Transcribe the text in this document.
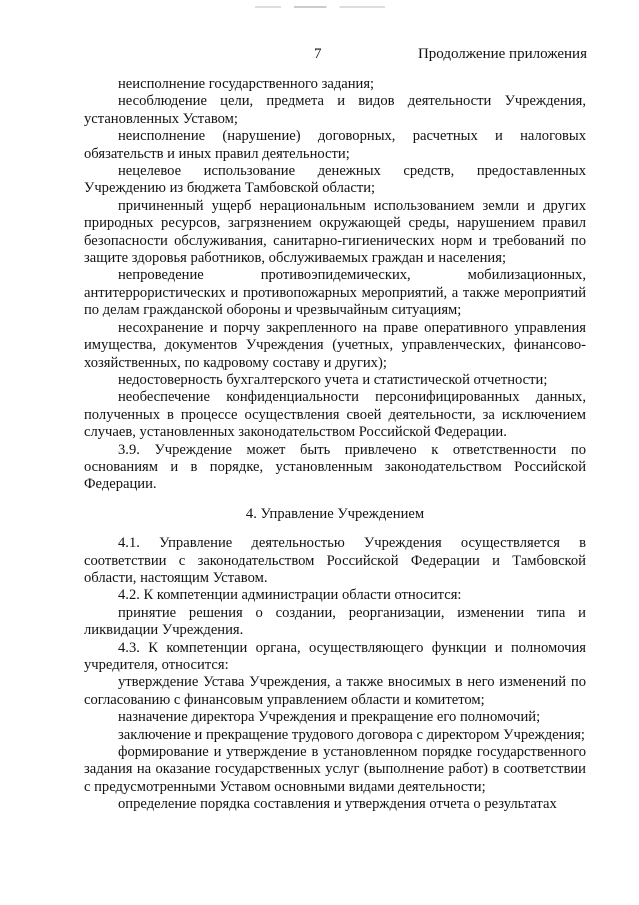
7	Продолжение приложения

неисполнение государственного задания;

несоблюдение цели, предмета и видов деятельности Учреждения, установленных Уставом;

неисполнение (нарушение) договорных, расчетных и налоговых обязательств и иных правил деятельности;

нецелевое использование денежных средств, предоставленных Учреждению из бюджета Тамбовской области;

причиненный ущерб нерациональным использованием земли и других природных ресурсов, загрязнением окружающей среды, нарушением правил безопасности обслуживания, санитарно-гигиенических норм и требований по защите здоровья работников, обслуживаемых граждан и населения;

непроведение противоэпидемических, мобилизационных, антитеррористических и противопожарных мероприятий, а также мероприятий по делам гражданской обороны и чрезвычайным ситуациям;

несохранение и порчу закрепленного на праве оперативного управления имущества, документов Учреждения (учетных, управленческих, финансово-хозяйственных, по кадровому составу и других);

недостоверность бухгалтерского учета и статистической отчетности;

необеспечение конфиденциальности персонифицированных данных, полученных в процессе осуществления своей деятельности, за исключением случаев, установленных законодательством Российской Федерации.

3.9. Учреждение может быть привлечено к ответственности по основаниям и в порядке, установленным законодательством Российской Федерации.

4. Управление Учреждением

4.1. Управление деятельностью Учреждения осуществляется в соответствии с законодательством Российской Федерации и Тамбовской области, настоящим Уставом.

4.2. К компетенции администрации области относится:

принятие решения о создании, реорганизации, изменении типа и ликвидации Учреждения.

4.3. К компетенции органа, осуществляющего функции и полномочия учредителя, относится:

утверждение Устава Учреждения, а также вносимых в него изменений по согласованию с финансовым управлением области и комитетом;

назначение директора Учреждения и прекращение его полномочий;

заключение и прекращение трудового договора с директором Учреждения;

формирование и утверждение в установленном порядке государственного задания на оказание государственных услуг (выполнение работ) в соответствии с предусмотренными Уставом основными видами деятельности;

определение порядка составления и утверждения отчета о результатах
